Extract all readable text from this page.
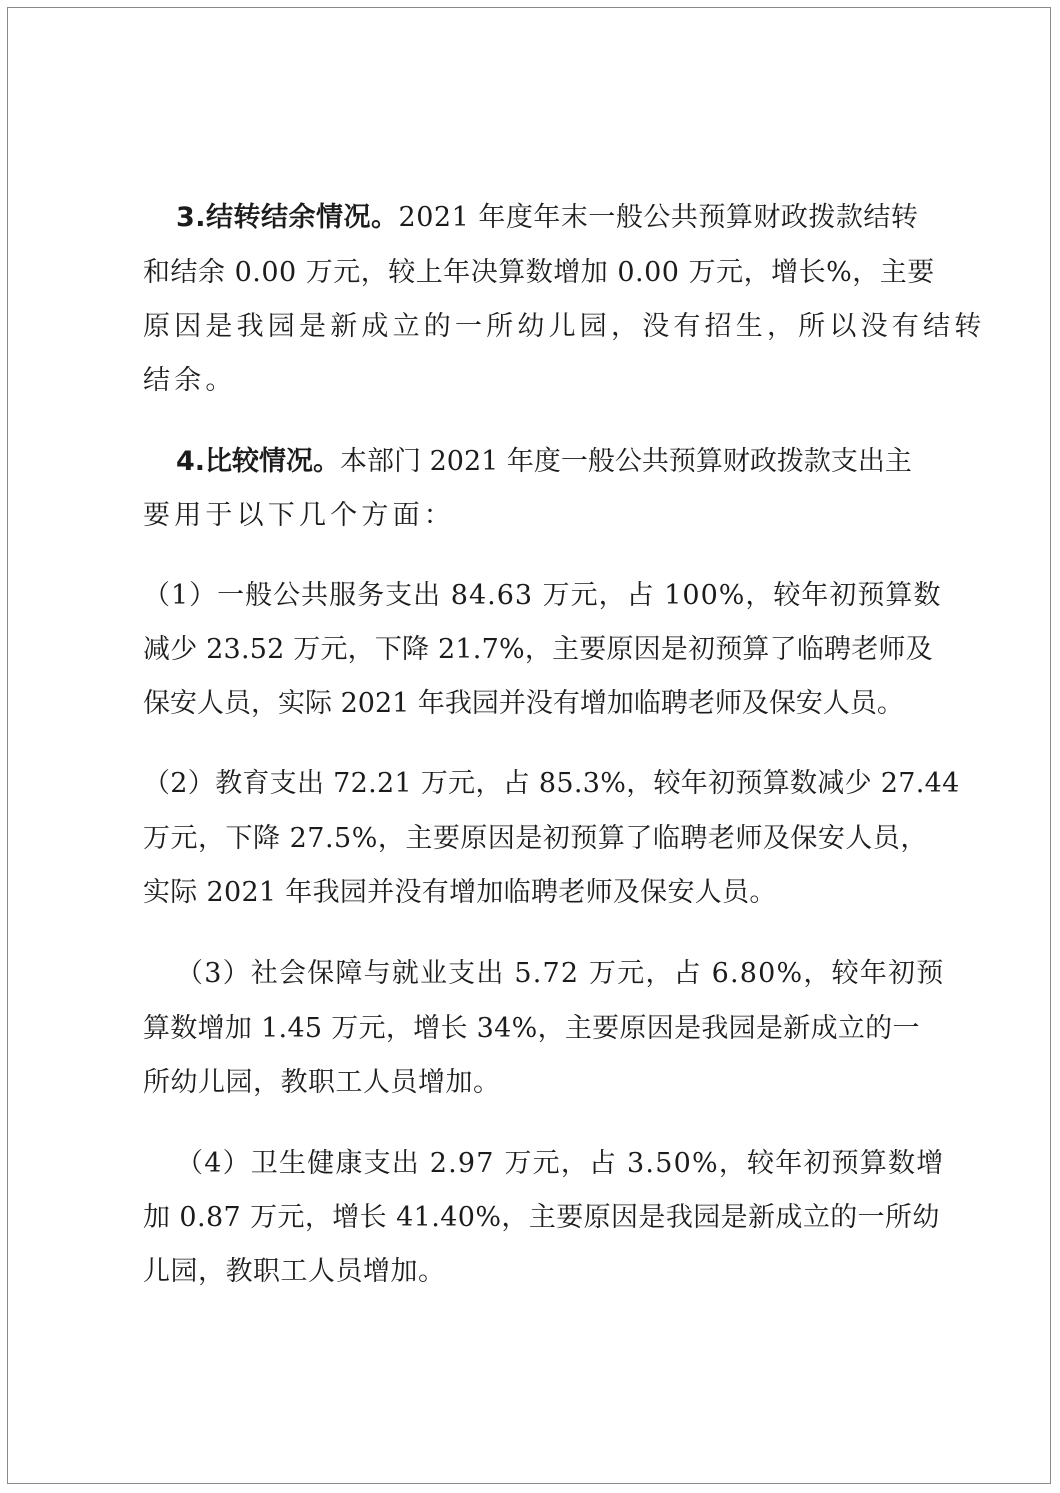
3.结转结余情况。2021 年度年末一般公共预算财政拨款结转

和结余 0.00 万元，较上年决算数增加 0.00 万元，增长%，主要

原因是我园是新成立的一所幼儿园，没有招生，所以没有结转

结余。

4.比较情况。本部门 2021 年度一般公共预算财政拨款支出主

要用于以下几个方面：

（1）一般公共服务支出 84.63 万元，占 100%，较年初预算数

减少 23.52 万元，下降 21.7%，主要原因是初预算了临聘老师及

保安人员，实际 2021 年我园并没有增加临聘老师及保安人员。

（2）教育支出 72.21 万元，占 85.3%，较年初预算数减少 27.44

万元，下降 27.5%，主要原因是初预算了临聘老师及保安人员，

实际 2021 年我园并没有增加临聘老师及保安人员。

（3）社会保障与就业支出 5.72 万元，占 6.80%，较年初预

算数增加 1.45 万元，增长 34%，主要原因是我园是新成立的一

所幼儿园，教职工人员增加。

（4）卫生健康支出 2.97 万元，占 3.50%，较年初预算数增

加 0.87 万元，增长 41.40%，主要原因是我园是新成立的一所幼

儿园，教职工人员增加。
